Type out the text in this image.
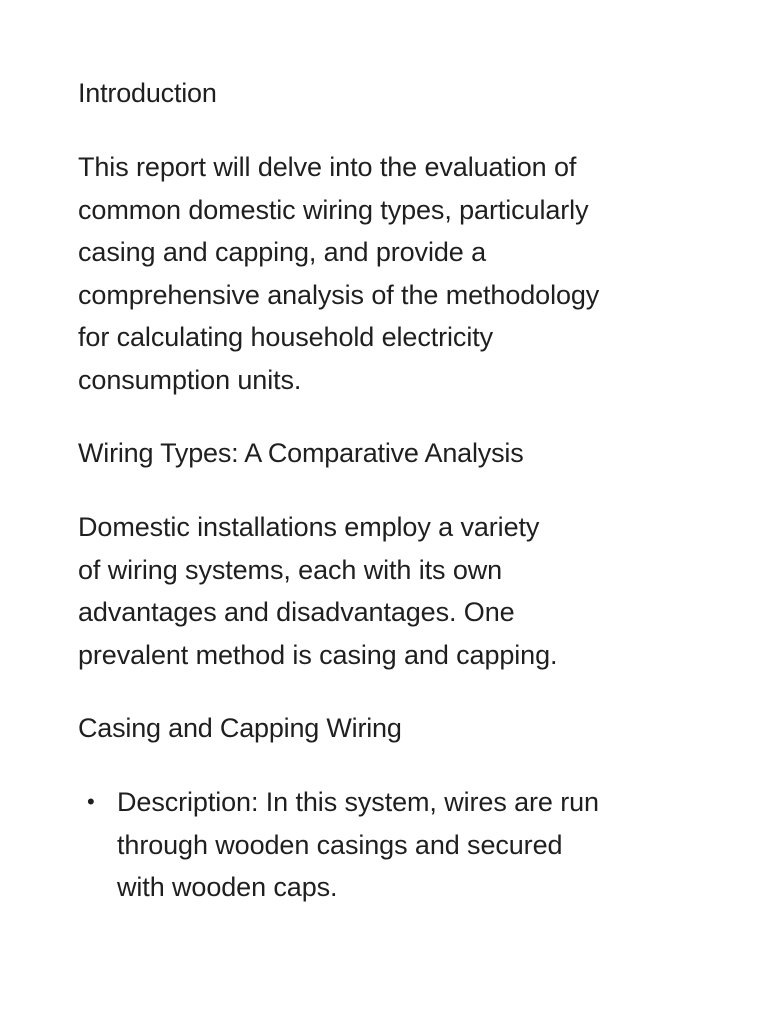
Introduction

This report will delve into the evaluation of
common domestic wiring types, particularly
casing and capping, and provide a
comprehensive analysis of the methodology
for calculating household electricity
consumption units.

Wiring Types: A Comparative Analysis

Domestic installations employ a variety
of wiring systems, each with its own
advantages and disadvantages. One
prevalent method is casing and capping.

Casing and Capping Wiring
• Description: In this system, wires are run
through wooden casings and secured
with wooden caps.
